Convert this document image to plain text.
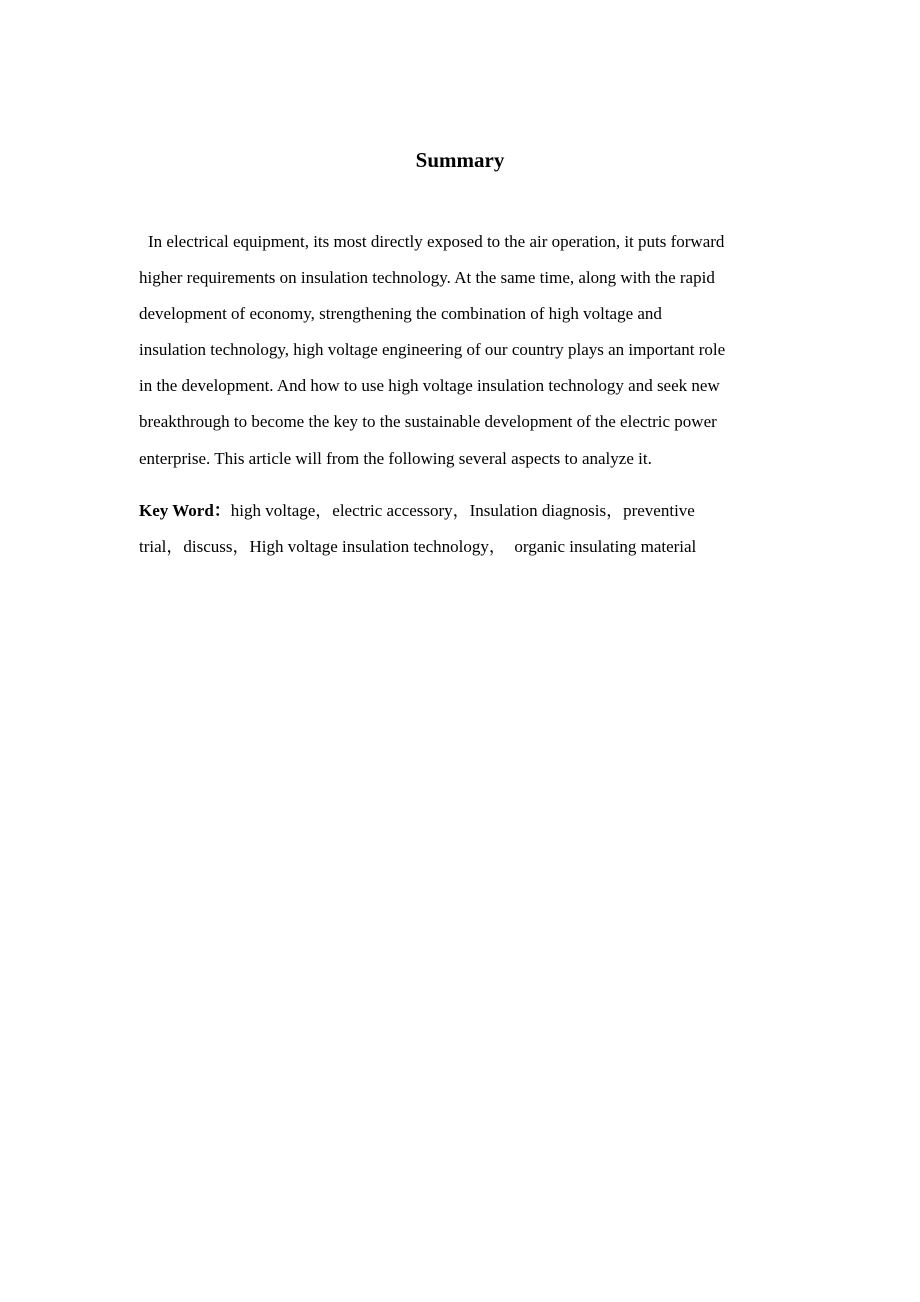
Summary

In electrical equipment, its most directly exposed to the air operation, it puts forward
higher requirements on insulation technology. At the same time, along with the rapid
development of economy, strengthening the combination of high voltage and
insulation technology, high voltage engineering of our country plays an important role
in the development. And how to use high voltage insulation technology and seek new
breakthrough to become the key to the sustainable development of the electric power
enterprise. This article will from the following several aspects to analyze it.

Key Word：high voltage，electric accessory，Insulation diagnosis，preventive
trial，discuss，High voltage insulation technology，  organic insulating material
